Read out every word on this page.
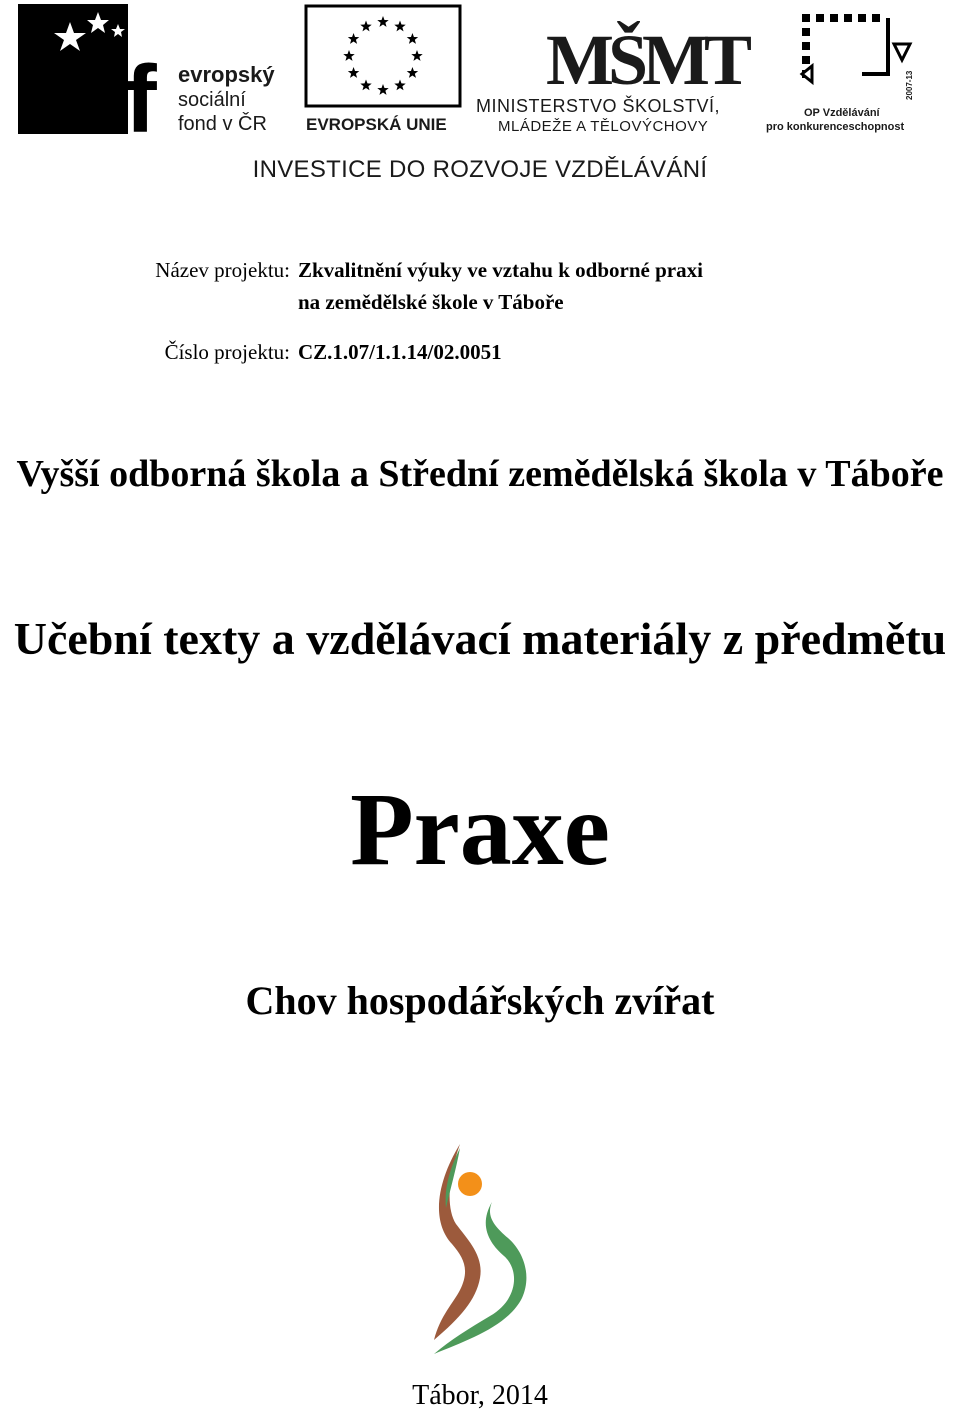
esf evropský
sociální
fond v ČR EVROPSKÁ UNIE
MŠMT
MINISTERSTVO ŠKOLSTVÍ,
MLÁDEŽE A TĚLOVÝCHOVY
2007-13
OP Vzdělávání
pro konkurenceschopnost
INVESTICE DO ROZVOJE VZDĚLÁVÁNÍ
Název projektu: Zkvalitnění výuky ve vztahu k odborné praxi
na zemědělské škole v Táboře
Číslo projektu: CZ.1.07/1.1.14/02.0051
Vyšší odborná škola a Střední zemědělská škola v Táboře
Učební texty a vzdělávací materiály z předmětu
Praxe
Chov hospodářských zvířat
Tábor, 2014
